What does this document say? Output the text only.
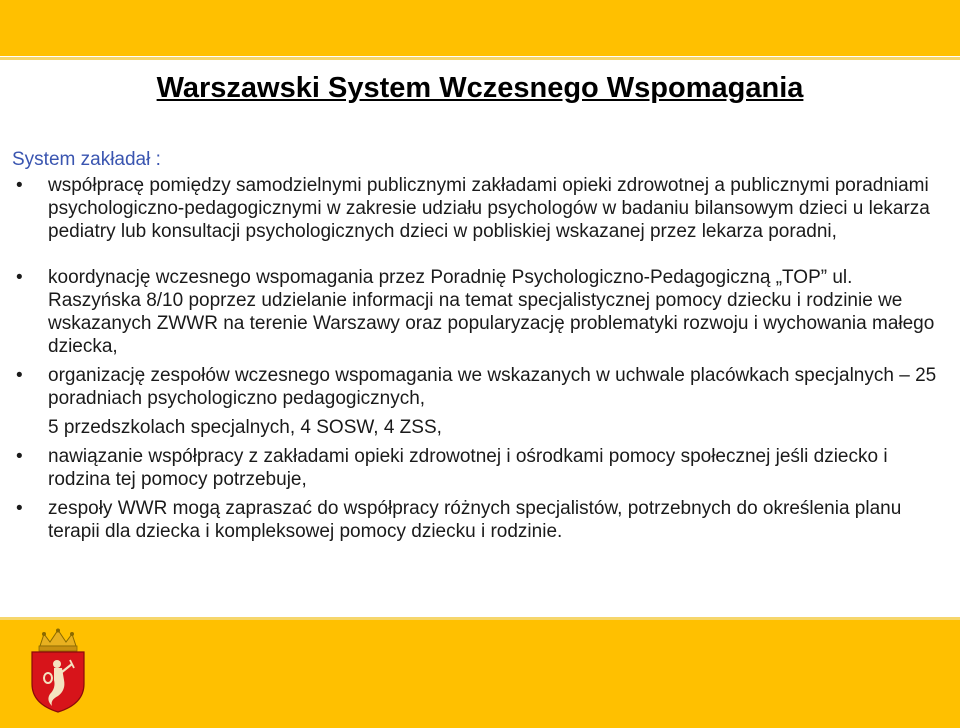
Warszawski System Wczesnego Wspomagania
System zakładał :
• współpracę pomiędzy samodzielnymi publicznymi zakładami opieki zdrowotnej a publicznymi poradniami psychologiczno-pedagogicznymi w zakresie udziału psychologów w badaniu bilansowym dzieci u lekarza pediatry lub konsultacji psychologicznych dzieci w pobliskiej wskazanej przez lekarza poradni,
• koordynację wczesnego wspomagania przez Poradnię Psychologiczno-Pedagogiczną „TOP” ul. Raszyńska 8/10 poprzez udzielanie informacji na temat specjalistycznej pomocy dziecku i rodzinie we wskazanych ZWWR na terenie Warszawy oraz popularyzację problematyki rozwoju i wychowania małego dziecka,
• organizację zespołów wczesnego wspomagania we wskazanych w uchwale placówkach specjalnych – 25 poradniach psychologiczno pedagogicznych,
5 przedszkolach specjalnych, 4 SOSW, 4 ZSS,
• nawiązanie współpracy z zakładami opieki zdrowotnej i ośrodkami pomocy społecznej jeśli dziecko i rodzina tej pomocy potrzebuje,
• zespoły WWR mogą zapraszać do współpracy różnych specjalistów, potrzebnych do określenia planu terapii dla dziecka i kompleksowej pomocy dziecku i rodzinie.
